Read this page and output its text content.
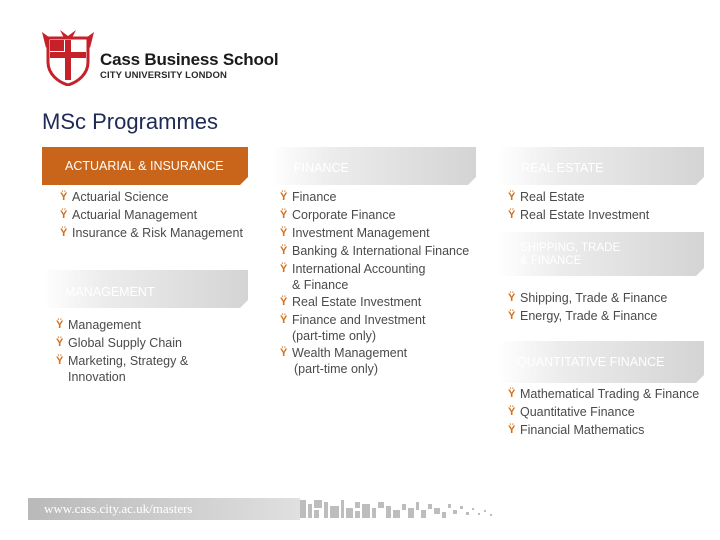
Cass Business School
CITY UNIVERSITY LONDON
MSc Programmes
ACTUARIAL & INSURANCE
Ÿ Actuarial Science
Ÿ Actuarial Management
Ÿ Insurance & Risk Management
MANAGEMENT
Ÿ Management
Ÿ Global Supply Chain
Ÿ Marketing, Strategy &
Innovation
FINANCE
Ÿ Finance
Ÿ Corporate Finance
Ÿ Investment Management
Ÿ Banking & International Finance
Ÿ International Accounting
& Finance
Ÿ Real Estate Investment
Ÿ Finance and Investment
(part-time only)
Ÿ Wealth Management
(part-time only)
REAL ESTATE
Ÿ Real Estate
Ÿ Real Estate Investment
SHIPPING, TRADE
& FINANCE
Ÿ Shipping, Trade & Finance
Ÿ Energy, Trade & Finance
QUANTITATIVE FINANCE
Ÿ Mathematical Trading & Finance
Ÿ Quantitative Finance
Ÿ Financial Mathematics
www.cass.city.ac.uk/masters
